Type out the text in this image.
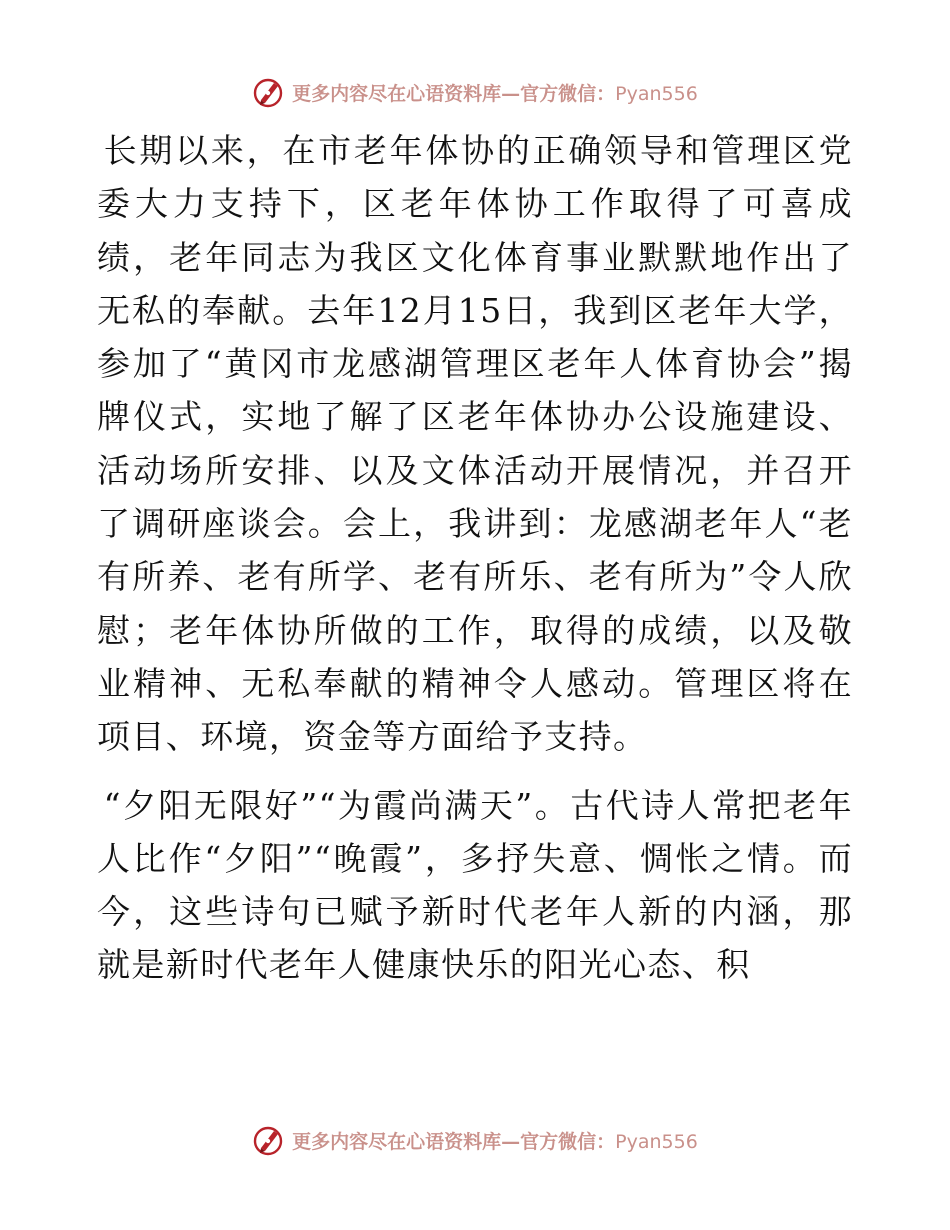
更多内容尽在心语资料库—官方微信：Pyan556

长期以来，在市老年体协的正确领导和管理区党委大力支持下，区老年体协工作取得了可喜成绩，老年同志为我区文化体育事业默默地作出了无私的奉献。去年12月15日，我到区老年大学，参加了“黄冈市龙感湖管理区老年人体育协会”揭牌仪式，实地了解了区老年体协办公设施建设、活动场所安排、以及文体活动开展情况，并召开了调研座谈会。会上，我讲到：龙感湖老年人“老有所养、老有所学、老有所乐、老有所为”令人欣慰；老年体协所做的工作，取得的成绩，以及敬业精神、无私奉献的精神令人感动。管理区将在项目、环境，资金等方面给予支持。

“夕阳无限好”“为霞尚满天”。古代诗人常把老年人比作“夕阳”“晚霞”，多抒失意、惆怅之情。而今，这些诗句已赋予新时代老年人新的内涵，那就是新时代老年人健康快乐的阳光心态、积

更多内容尽在心语资料库—官方微信：Pyan556
